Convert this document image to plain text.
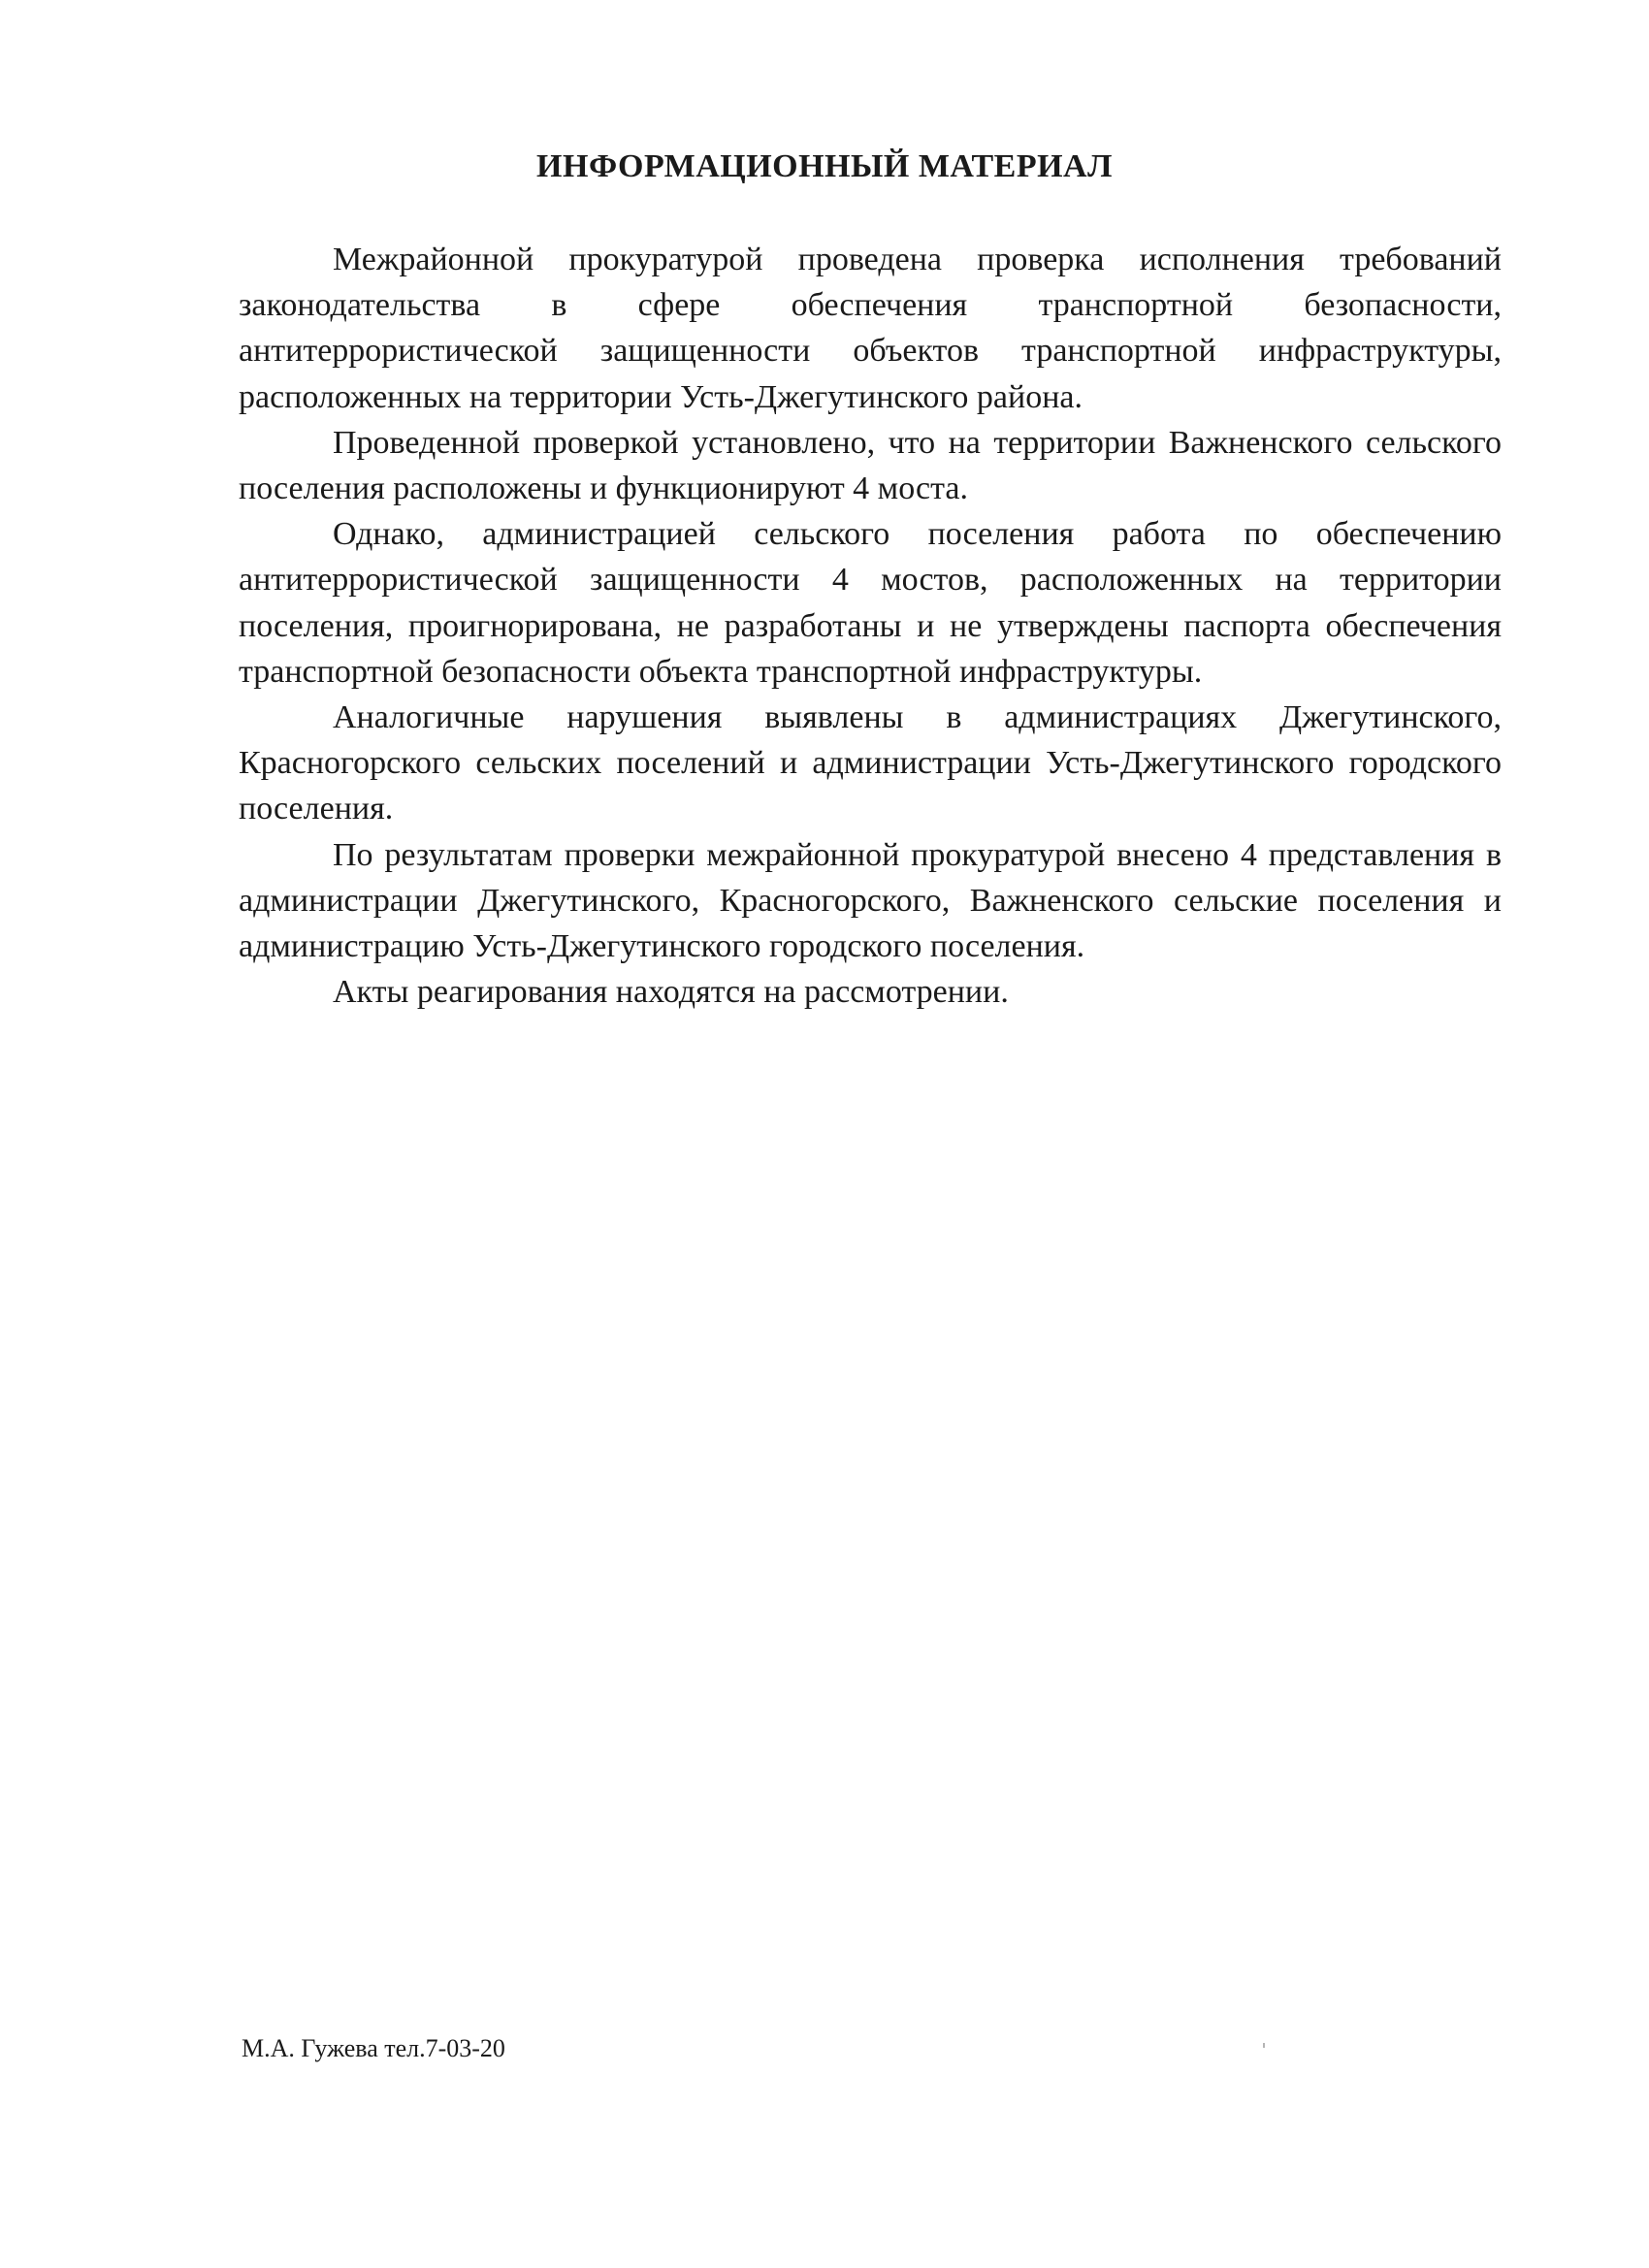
ИНФОРМАЦИОННЫЙ МАТЕРИАЛ

Межрайонной прокуратурой проведена проверка исполнения требований законодательства в сфере обеспечения транспортной безопасности, антитеррористической защищенности объектов транспортной инфраструктуры, расположенных на территории Усть-Джегутинского района.

Проведенной проверкой установлено, что на территории Важненского сельского поселения расположены и функционируют 4 моста.

Однако, администрацией сельского поселения работа по обеспечению антитеррористической защищенности 4 мостов, расположенных на территории поселения, проигнорирована, не разработаны и не утверждены паспорта обеспечения транспортной безопасности объекта транспортной инфраструктуры.

Аналогичные нарушения выявлены в администрациях Джегутинского, Красногорского сельских поселений и администрации Усть-Джегутинского городского поселения.

По результатам проверки межрайонной прокуратурой внесено 4 представления в администрации Джегутинского, Красногорского, Важненского сельские поселения и администрацию Усть-Джегутинского городского поселения.

Акты реагирования находятся на рассмотрении.

М.А. Гужева тел.7-03-20
